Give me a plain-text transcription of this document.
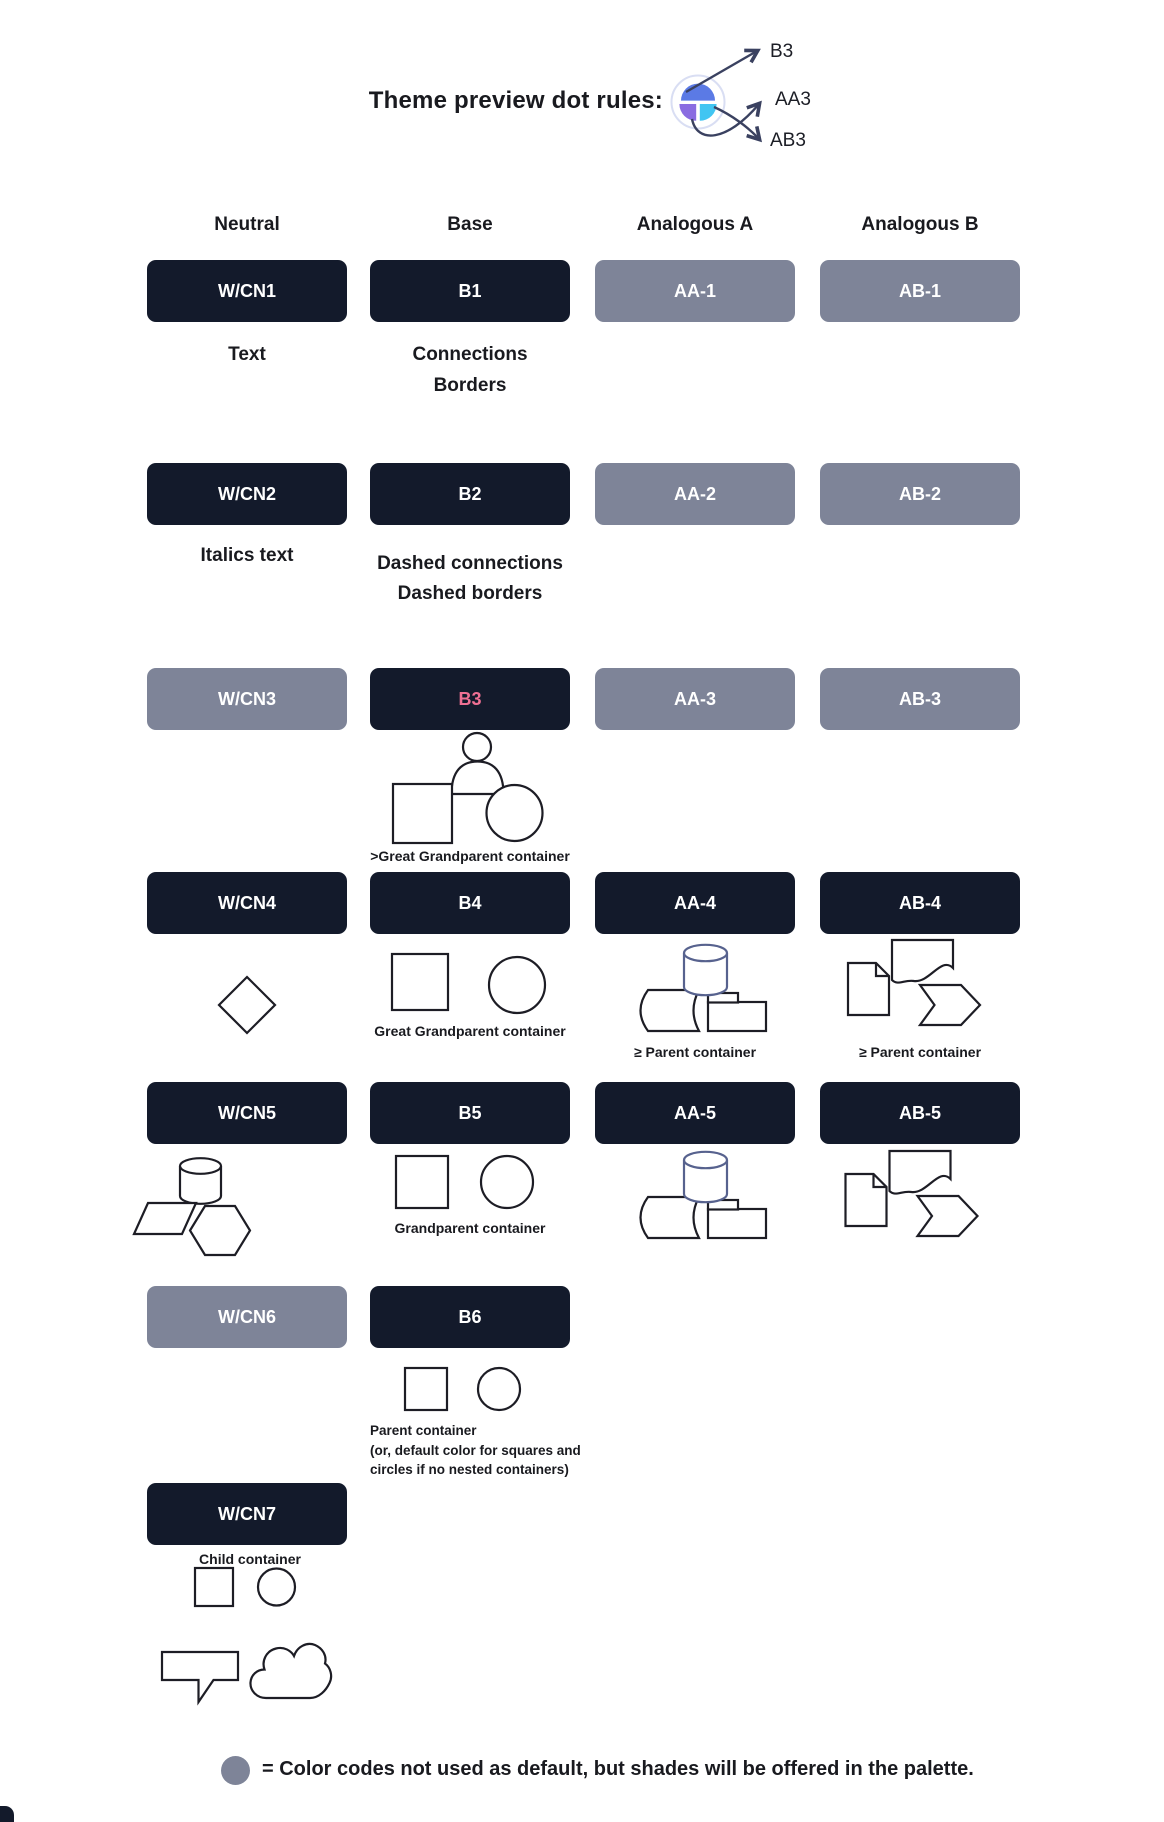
Theme preview dot rules:
B3
AA3
AB3
Neutral	Base	Analogous A	Analogous B
W/CN1	B1	AA-1	AB-1
W/CN2	B2	AA-2	AB-2
W/CN3	B3	AA-3	AB-3
W/CN4	B4	AA-4	AB-4
W/CN5	B5	AA-5	AB-5
W/CN6	B6
W/CN7
Text	Connections
Borders
Italics text	Dashed connections
Dashed borders
>Great Grandparent container
Great Grandparent container
≥ Parent container	≥ Parent container
Grandparent container
Parent container
(or, default color for squares and
circles if no nested containers)
Child container
= Color codes not used as default, but shades will be offered in the palette.
